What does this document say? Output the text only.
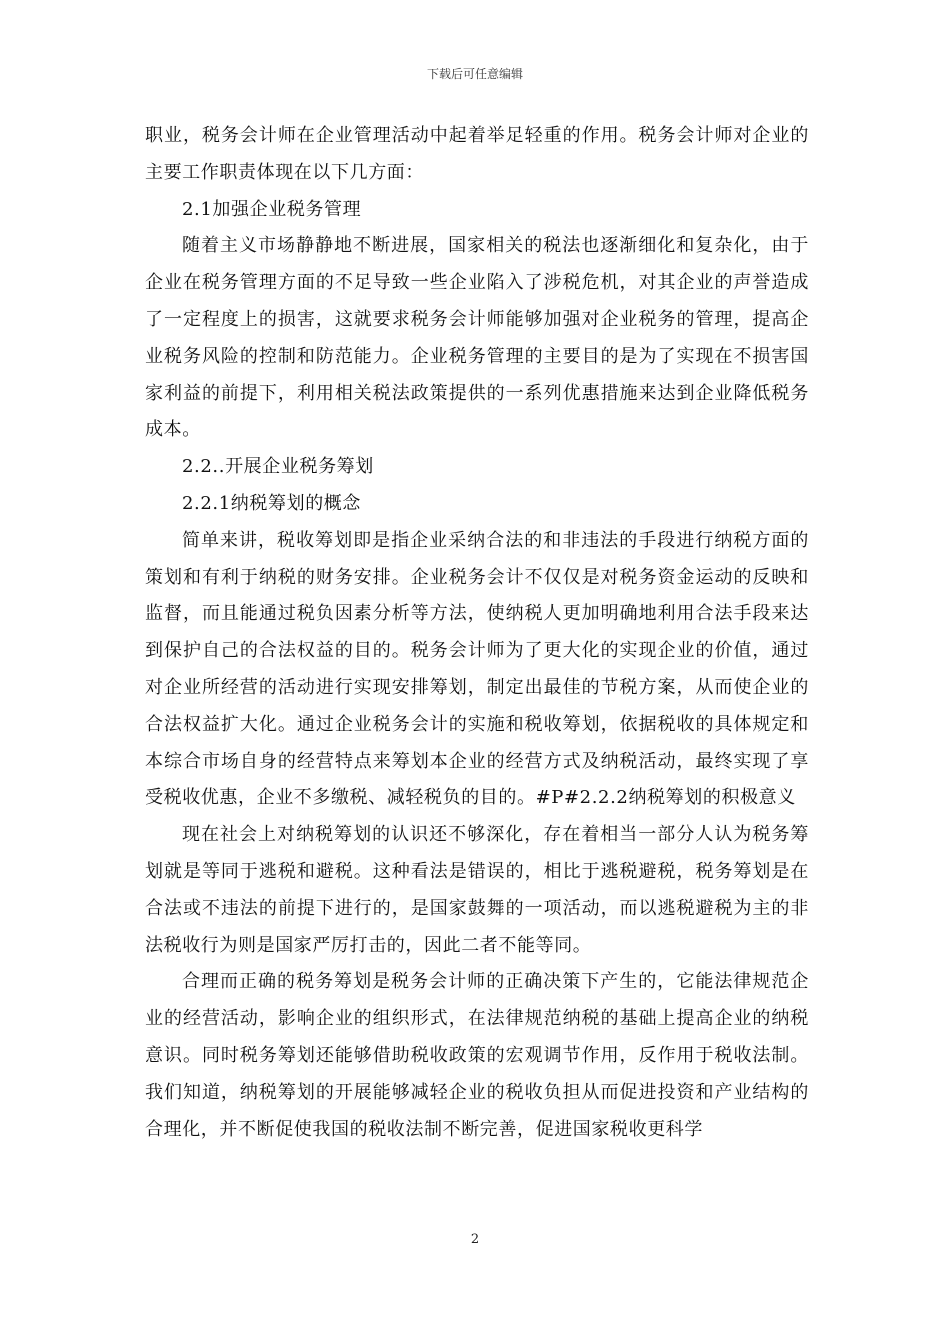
下载后可任意编辑

职业，税务会计师在企业管理活动中起着举足轻重的作用。税务会计师对企业的主要工作职责体现在以下几方面：

2.1加强企业税务管理

随着主义市场静静地不断进展，国家相关的税法也逐渐细化和复杂化，由于企业在税务管理方面的不足导致一些企业陷入了涉税危机，对其企业的声誉造成了一定程度上的损害，这就要求税务会计师能够加强对企业税务的管理，提高企业税务风险的控制和防范能力。企业税务管理的主要目的是为了实现在不损害国家利益的前提下，利用相关税法政策提供的一系列优惠措施来达到企业降低税务成本。

2.2..开展企业税务筹划

2.2.1纳税筹划的概念

简单来讲，税收筹划即是指企业采纳合法的和非违法的手段进行纳税方面的策划和有利于纳税的财务安排。企业税务会计不仅仅是对税务资金运动的反映和监督，而且能通过税负因素分析等方法，使纳税人更加明确地利用合法手段来达到保护自己的合法权益的目的。税务会计师为了更大化的实现企业的价值，通过对企业所经营的活动进行实现安排筹划，制定出最佳的节税方案，从而使企业的合法权益扩大化。通过企业税务会计的实施和税收筹划，依据税收的具体规定和本综合市场自身的经营特点来筹划本企业的经营方式及纳税活动，最终实现了享受税收优惠，企业不多缴税、减轻税负的目的。#P#2.2.2纳税筹划的积极意义

现在社会上对纳税筹划的认识还不够深化，存在着相当一部分人认为税务筹划就是等同于逃税和避税。这种看法是错误的，相比于逃税避税，税务筹划是在合法或不违法的前提下进行的，是国家鼓舞的一项活动，而以逃税避税为主的非法税收行为则是国家严厉打击的，因此二者不能等同。

合理而正确的税务筹划是税务会计师的正确决策下产生的，它能法律规范企业的经营活动，影响企业的组织形式，在法律规范纳税的基础上提高企业的纳税意识。同时税务筹划还能够借助税收政策的宏观调节作用，反作用于税收法制。我们知道，纳税筹划的开展能够减轻企业的税收负担从而促进投资和产业结构的合理化，并不断促使我国的税收法制不断完善，促进国家税收更科学

2
